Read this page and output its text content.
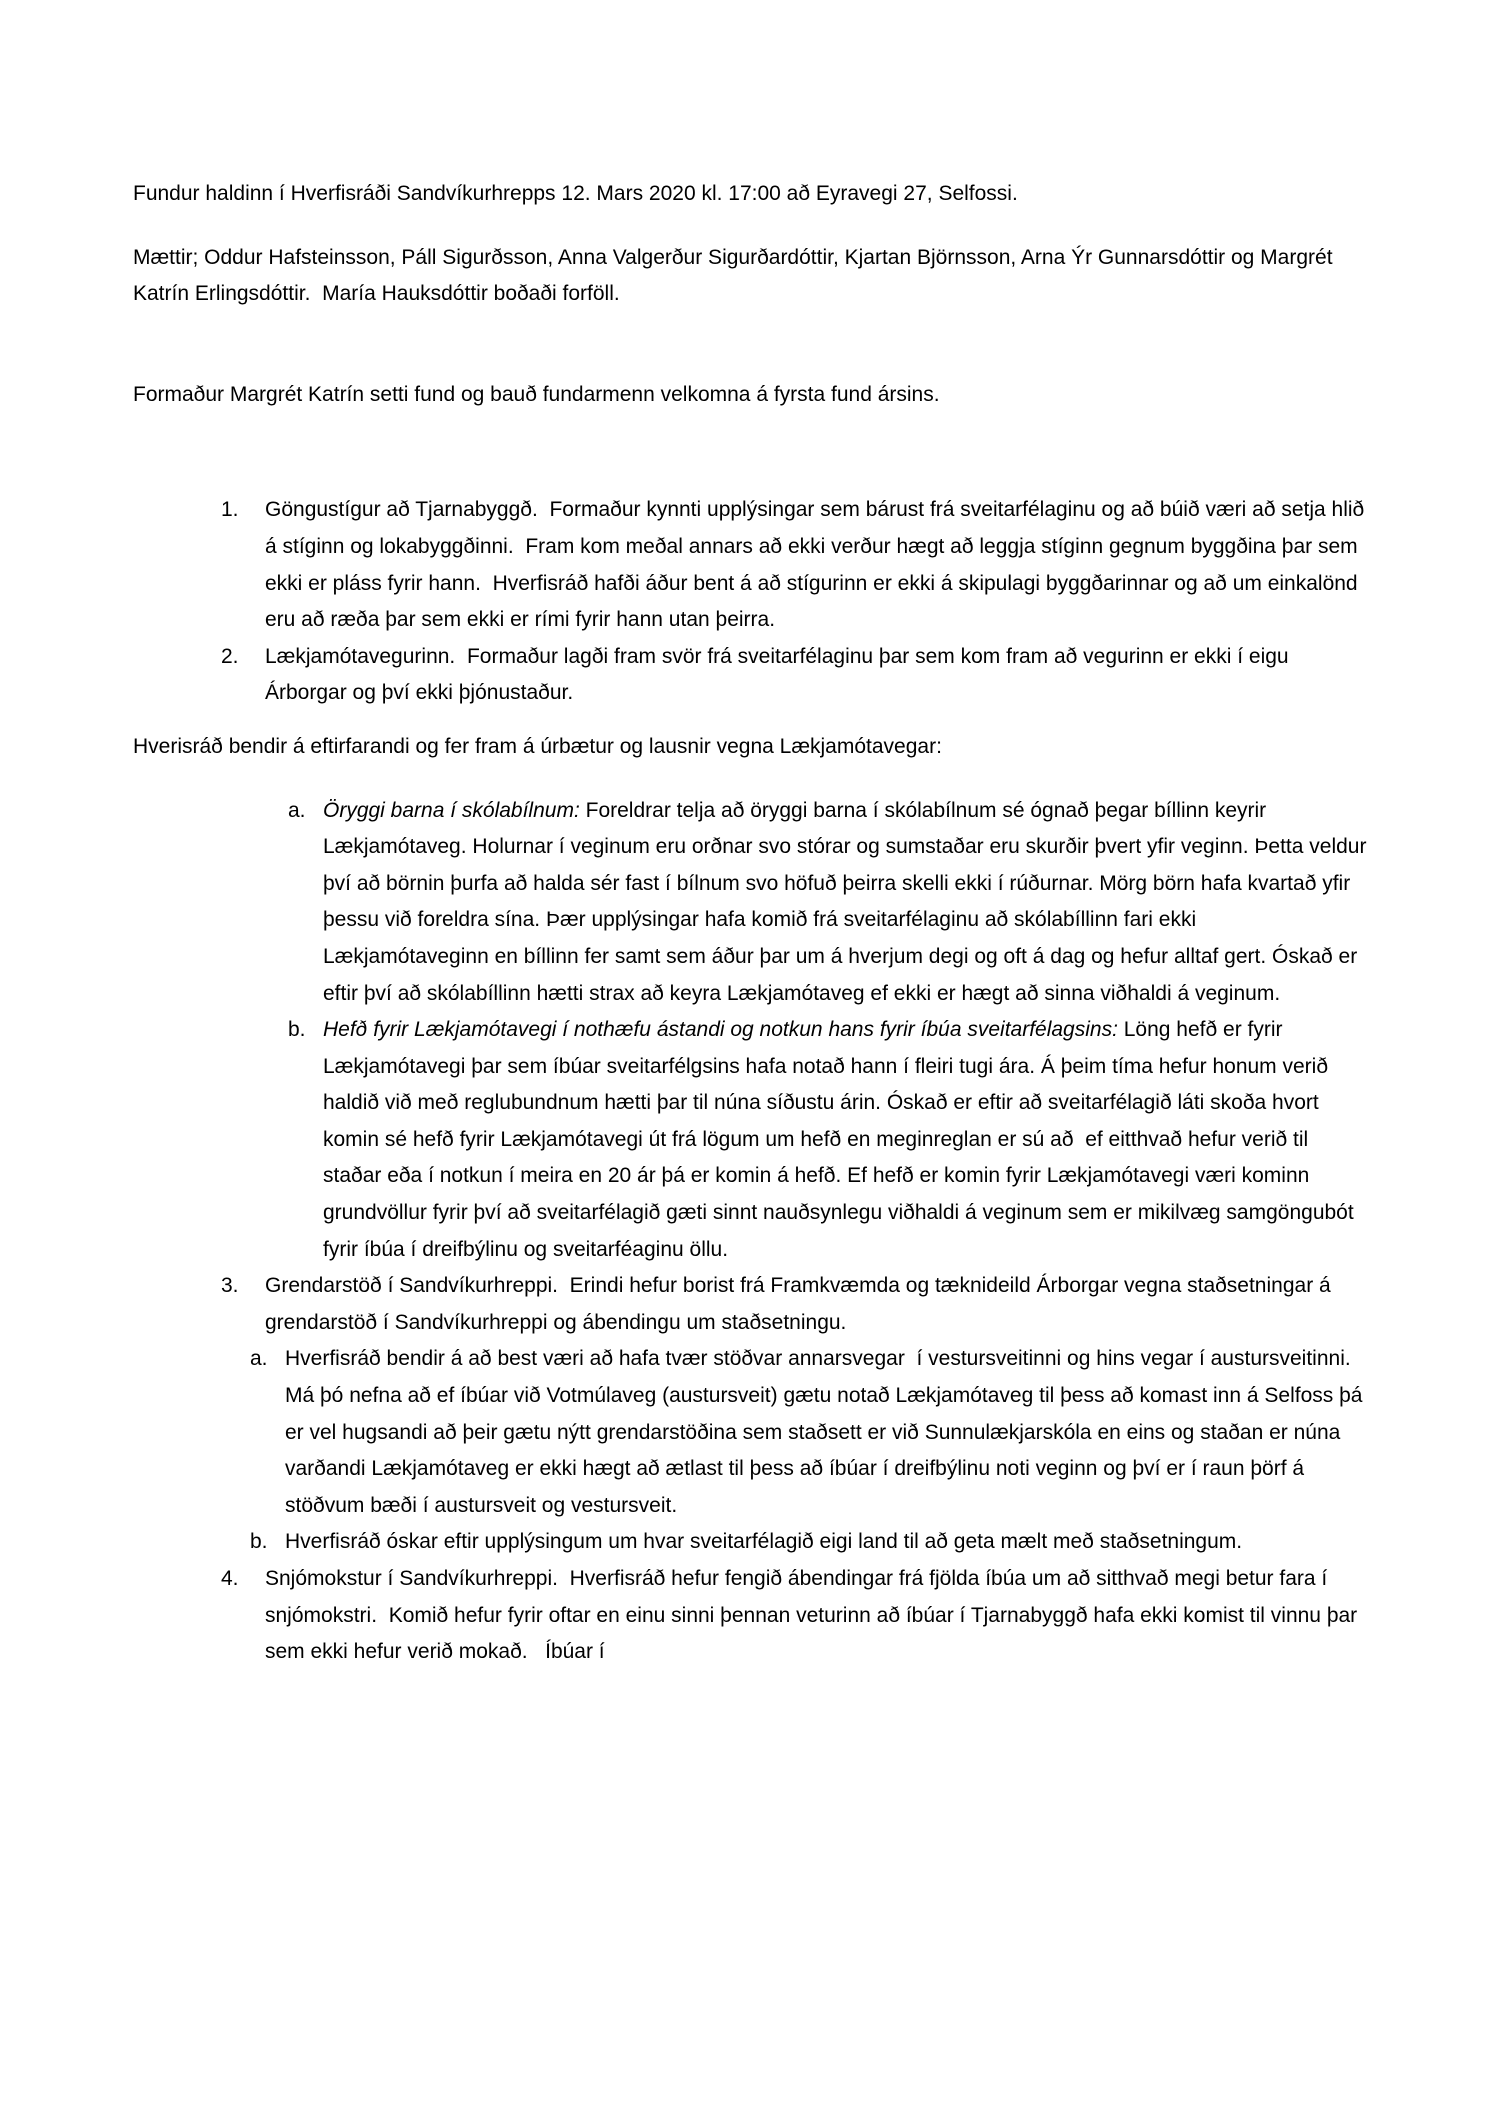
Fundur haldinn í Hverfisráði Sandvíkurhrepps 12. Mars 2020 kl. 17:00 að Eyravegi 27, Selfossi.

Mættir; Oddur Hafsteinsson, Páll Sigurðsson, Anna Valgerður Sigurðardóttir, Kjartan Björnsson, Arna Ýr Gunnarsdóttir og Margrét Katrín Erlingsdóttir.  María Hauksdóttir boðaði forföll.

Formaður Margrét Katrín setti fund og bauð fundarmenn velkomna á fyrsta fund ársins.

1.	Göngustígur að Tjarnabyggð.  Formaður kynnti upplýsingar sem bárust frá sveitarfélaginu og að búið væri að setja hlið á stíginn og lokabyggðinni.  Fram kom meðal annars að ekki verður hægt að leggja stíginn gegnum byggðina þar sem ekki er pláss fyrir hann.  Hverfisráð hafði áður bent á að stígurinn er ekki á skipulagi byggðarinnar og að um einkalönd eru að ræða þar sem ekki er rími fyrir hann utan þeirra.
2.	Lækjamótavegurinn.  Formaður lagði fram svör frá sveitarfélaginu þar sem kom fram að vegurinn er ekki í eigu Árborgar og því ekki þjónustaður.

Hverisráð bendir á eftirfarandi og fer fram á úrbætur og lausnir vegna Lækjamótavegar:

a. Öryggi barna í skólabílnum: Foreldrar telja að öryggi barna í skólabílnum sé ógnað þegar bíllinn keyrir Lækjamótaveg. Holurnar í veginum eru orðnar svo stórar og sumstaðar eru skurðir þvert yfir veginn. Þetta veldur því að börnin þurfa að halda sér fast í bílnum svo höfuð þeirra skelli ekki í rúðurnar. Mörg börn hafa kvartað yfir þessu við foreldra sína. Þær upplýsingar hafa komið frá sveitarfélaginu að skólabíllinn fari ekki Lækjamótaveginn en bíllinn fer samt sem áður þar um á hverjum degi og oft á dag og hefur alltaf gert. Óskað er eftir því að skólabíllinn hætti strax að keyra Lækjamótaveg ef ekki er hægt að sinna viðhaldi á veginum.
b. Hefð fyrir Lækjamótavegi í nothæfu ástandi og notkun hans fyrir íbúa sveitarfélagsins: Löng hefð er fyrir Lækjamótavegi þar sem íbúar sveitarfélgsins hafa notað hann í fleiri tugi ára. Á þeim tíma hefur honum verið haldið við með reglubundnum hætti þar til núna síðustu árin. Óskað er eftir að sveitarfélagið láti skoða hvort komin sé hefð fyrir Lækjamótavegi út frá lögum um hefð en meginreglan er sú að  ef eitthvað hefur verið til staðar eða í notkun í meira en 20 ár þá er komin á hefð. Ef hefð er komin fyrir Lækjamótavegi væri kominn grundvöllur fyrir því að sveitarfélagið gæti sinnt nauðsynlegu viðhaldi á veginum sem er mikilvæg samgöngubót fyrir íbúa í dreifbýlinu og sveitarféaginu öllu.
3.	Grendarstöð í Sandvíkurhreppi.  Erindi hefur borist frá Framkvæmda og tæknideild Árborgar vegna staðsetningar á grendarstöð í Sandvíkurhreppi og ábendingu um staðsetningu.
a. Hverfisráð bendir á að best væri að hafa tvær stöðvar annarsvegar  í vestursveitinni og hins vegar í austursveitinni. Má þó nefna að ef íbúar við Votmúlaveg (austursveit) gætu notað Lækjamótaveg til þess að komast inn á Selfoss þá er vel hugsandi að þeir gætu nýtt grendarstöðina sem staðsett er við Sunnulækjarskóla en eins og staðan er núna varðandi Lækjamótaveg er ekki hægt að ætlast til þess að íbúar í dreifbýlinu noti veginn og því er í raun þörf á stöðvum bæði í austursveit og vestursveit.
b. Hverfisráð óskar eftir upplýsingum um hvar sveitarfélagið eigi land til að geta mælt með staðsetningum.
4.	Snjómokstur í Sandvíkurhreppi.  Hverfisráð hefur fengið ábendingar frá fjölda íbúa um að sitthvað megi betur fara í snjómokstri.  Komið hefur fyrir oftar en einu sinni þennan veturinn að íbúar í Tjarnabyggð hafa ekki komist til vinnu þar sem ekki hefur verið mokað.   Íbúar í
